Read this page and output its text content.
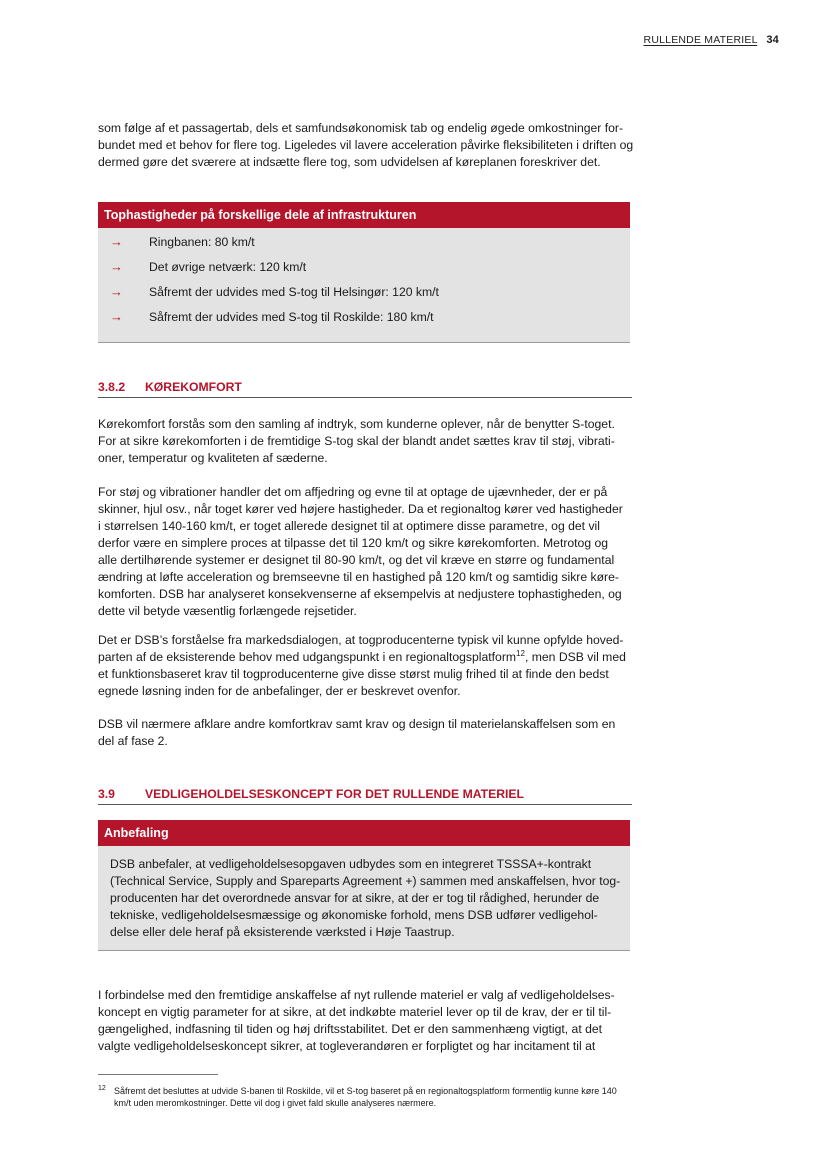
RULLENDE MATERIEL 34
som følge af et passagertab, dels et samfundsøkonomisk tab og endelig øgede omkostninger for-
bundet med et behov for flere tog. Ligeledes vil lavere acceleration påvirke fleksibiliteten i driften og
dermed gøre det sværere at indsætte flere tog, som udvidelsen af køreplanen foreskriver det.
Tophastigheder på forskellige dele af infrastrukturen
→ Ringbanen: 80 km/t
→ Det øvrige netværk: 120 km/t
→ Såfremt der udvides med S-tog til Helsingør: 120 km/t
→ Såfremt der udvides med S-tog til Roskilde: 180 km/t
3.8.2 KØREKOMFORT
Kørekomfort forstås som den samling af indtryk, som kunderne oplever, når de benytter S-toget.
For at sikre kørekomforten i de fremtidige S-tog skal der blandt andet sættes krav til støj, vibrati-
oner, temperatur og kvaliteten af sæderne.
For støj og vibrationer handler det om affjedring og evne til at optage de ujævnheder, der er på
skinner, hjul osv., når toget kører ved højere hastigheder. Da et regionaltog kører ved hastigheder
i størrelsen 140-160 km/t, er toget allerede designet til at optimere disse parametre, og det vil
derfor være en simplere proces at tilpasse det til 120 km/t og sikre kørekomforten. Metrotog og
alle dertilhørende systemer er designet til 80-90 km/t, og det vil kræve en større og fundamental
ændring at løfte acceleration og bremseevne til en hastighed på 120 km/t og samtidig sikre køre-
komforten. DSB har analyseret konsekvenserne af eksempelvis at nedjustere tophastigheden, og
dette vil betyde væsentlig forlængede rejsetider.
Det er DSB’s forståelse fra markedsdialogen, at togproducenterne typisk vil kunne opfylde hoved-
parten af de eksisterende behov med udgangspunkt i en regionaltogsplatform$^{12}$, men DSB vil med
et funktionsbaseret krav til togproducenterne give disse størst mulig frihed til at finde den bedst
egnede løsning inden for de anbefalinger, der er beskrevet ovenfor.
DSB vil nærmere afklare andre komfortkrav samt krav og design til materielanskaffelsen som en
del af fase 2.
3.9 VEDLIGEHOLDELSESKONCEPT FOR DET RULLENDE MATERIEL
Anbefaling
DSB anbefaler, at vedligeholdelsesopgaven udbydes som en integreret TSSSA+-kontrakt
(Technical Service, Supply and Spareparts Agreement +) sammen med anskaffelsen, hvor tog-
producenten har det overordnede ansvar for at sikre, at der er tog til rådighed, herunder de
tekniske, vedligeholdelsesmæssige og økonomiske forhold, mens DSB udfører vedligehol-
delse eller dele heraf på eksisterende værksted i Høje Taastrup.
I forbindelse med den fremtidige anskaffelse af nyt rullende materiel er valg af vedligeholdelses-
koncept en vigtig parameter for at sikre, at det indkøbte materiel lever op til de krav, der er til til-
gængelighed, indfasning til tiden og høj driftsstabilitet. Det er den sammenhæng vigtigt, at det
valgte vedligeholdelseskoncept sikrer, at togleverandøren er forpligtet og har incitament til at
12 Såfremt det besluttes at udvide S-banen til Roskilde, vil et S-tog baseret på en regionaltogsplatform formentlig kunne køre 140
km/t uden meromkostninger. Dette vil dog i givet fald skulle analyseres nærmere.
